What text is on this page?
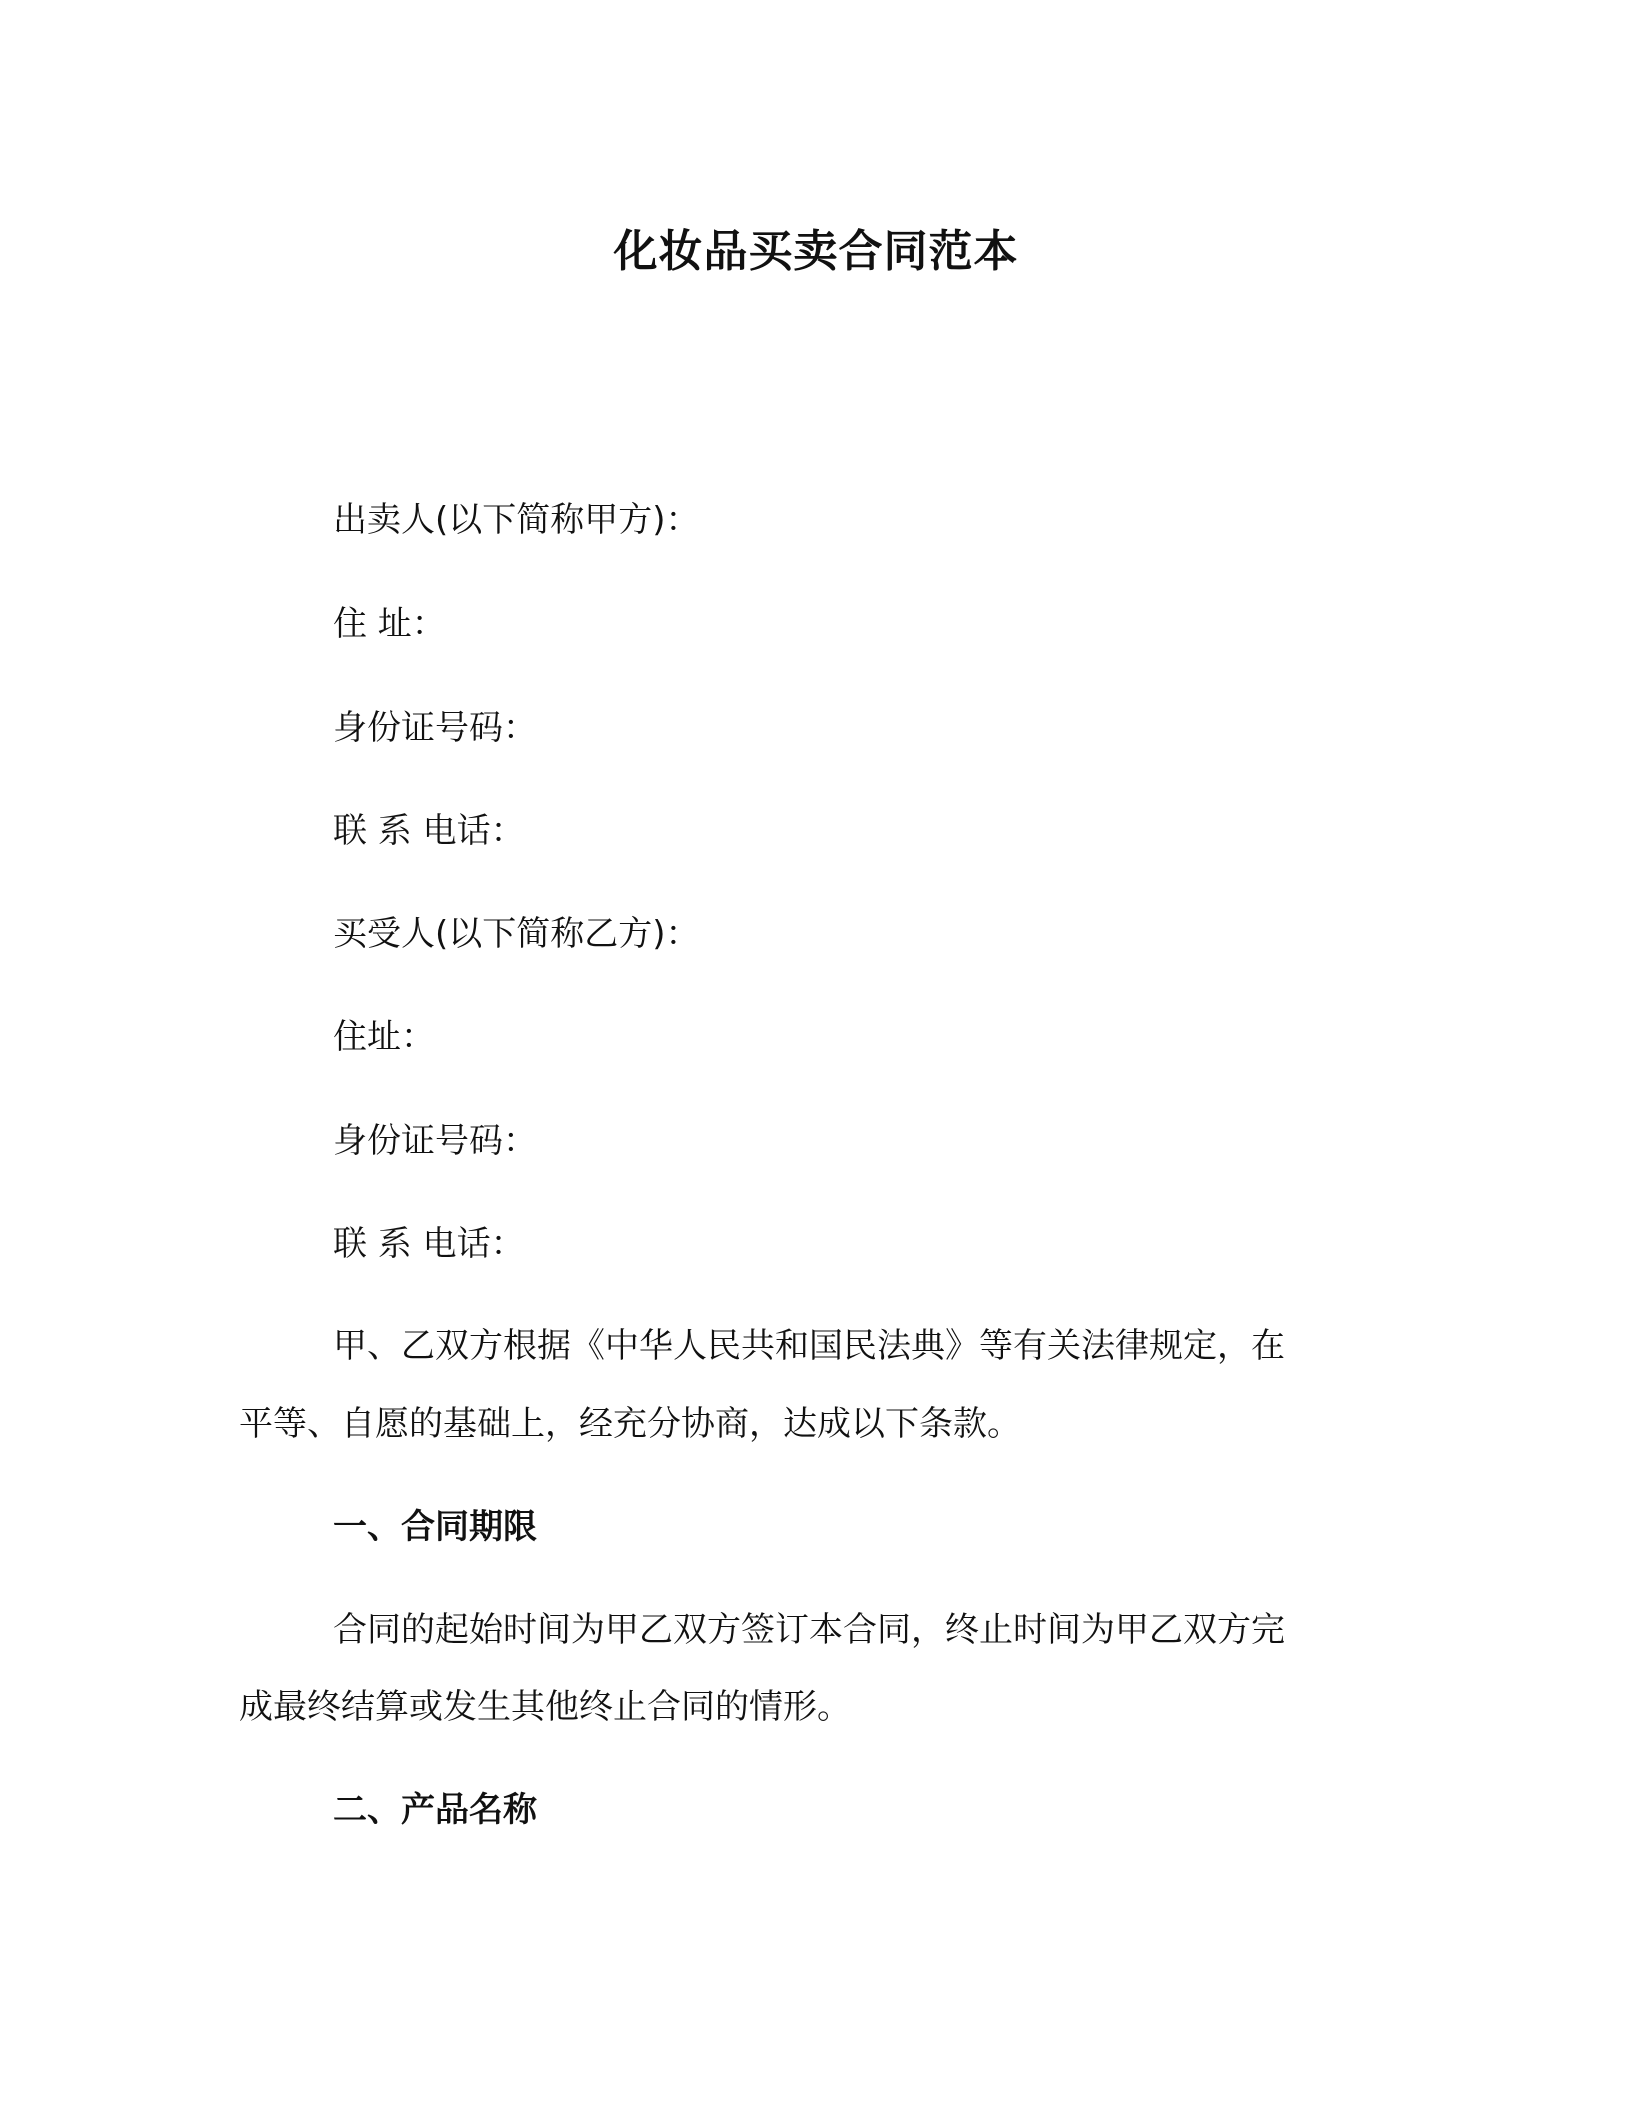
化妆品买卖合同范本
出卖人(以下简称甲方)：
住 址：
身份证号码：
联 系 电话：
买受人(以下简称乙方)：
住址：
身份证号码：
联 系 电话：
甲、乙双方根据《中华人民共和国民法典》等有关法律规定，在
平等、自愿的基础上，经充分协商，达成以下条款。
一、合同期限
合同的起始时间为甲乙双方签订本合同，终止时间为甲乙双方完
成最终结算或发生其他终止合同的情形。
二、产品名称
